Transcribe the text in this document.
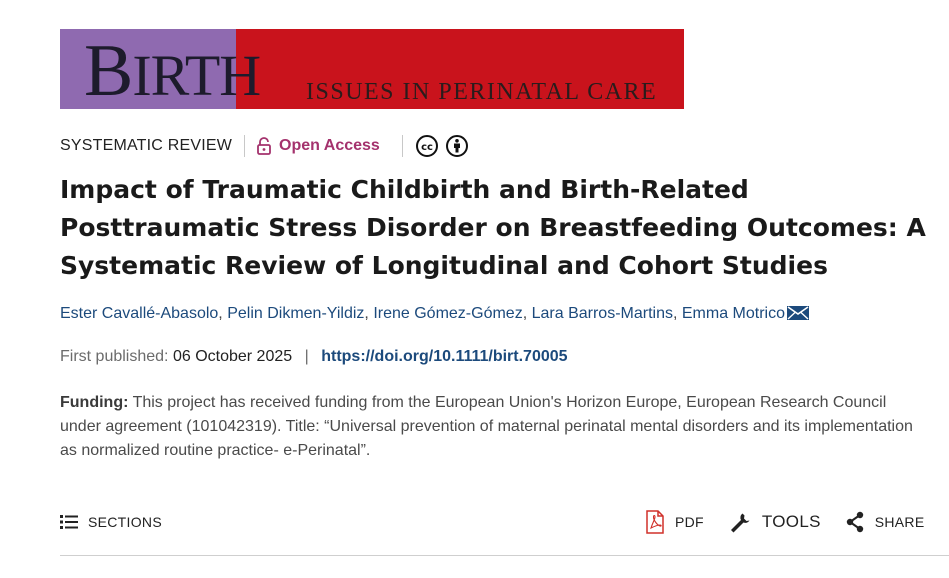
BIRTH ISSUES IN PERINATAL CARE
SYSTEMATIC REVIEW	Open Access	cc
Impact of Traumatic Childbirth and Birth-Related Posttraumatic Stress Disorder on Breastfeeding Outcomes: A Systematic Review of Longitudinal and Cohort Studies
Ester Cavallé-Abasolo, Pelin Dikmen-Yildiz, Irene Gómez-Gómez, Lara Barros-Martins, Emma Motrico
First published: 06 October 2025 | https://doi.org/10.1111/birt.70005
Funding: This project has received funding from the European Union's Horizon Europe, European Research Council under agreement (101042319). Title: “Universal prevention of maternal perinatal mental disorders and its implementation as normalized routine practice- e-Perinatal”.
SECTIONS	PDF	TOOLS	SHARE
